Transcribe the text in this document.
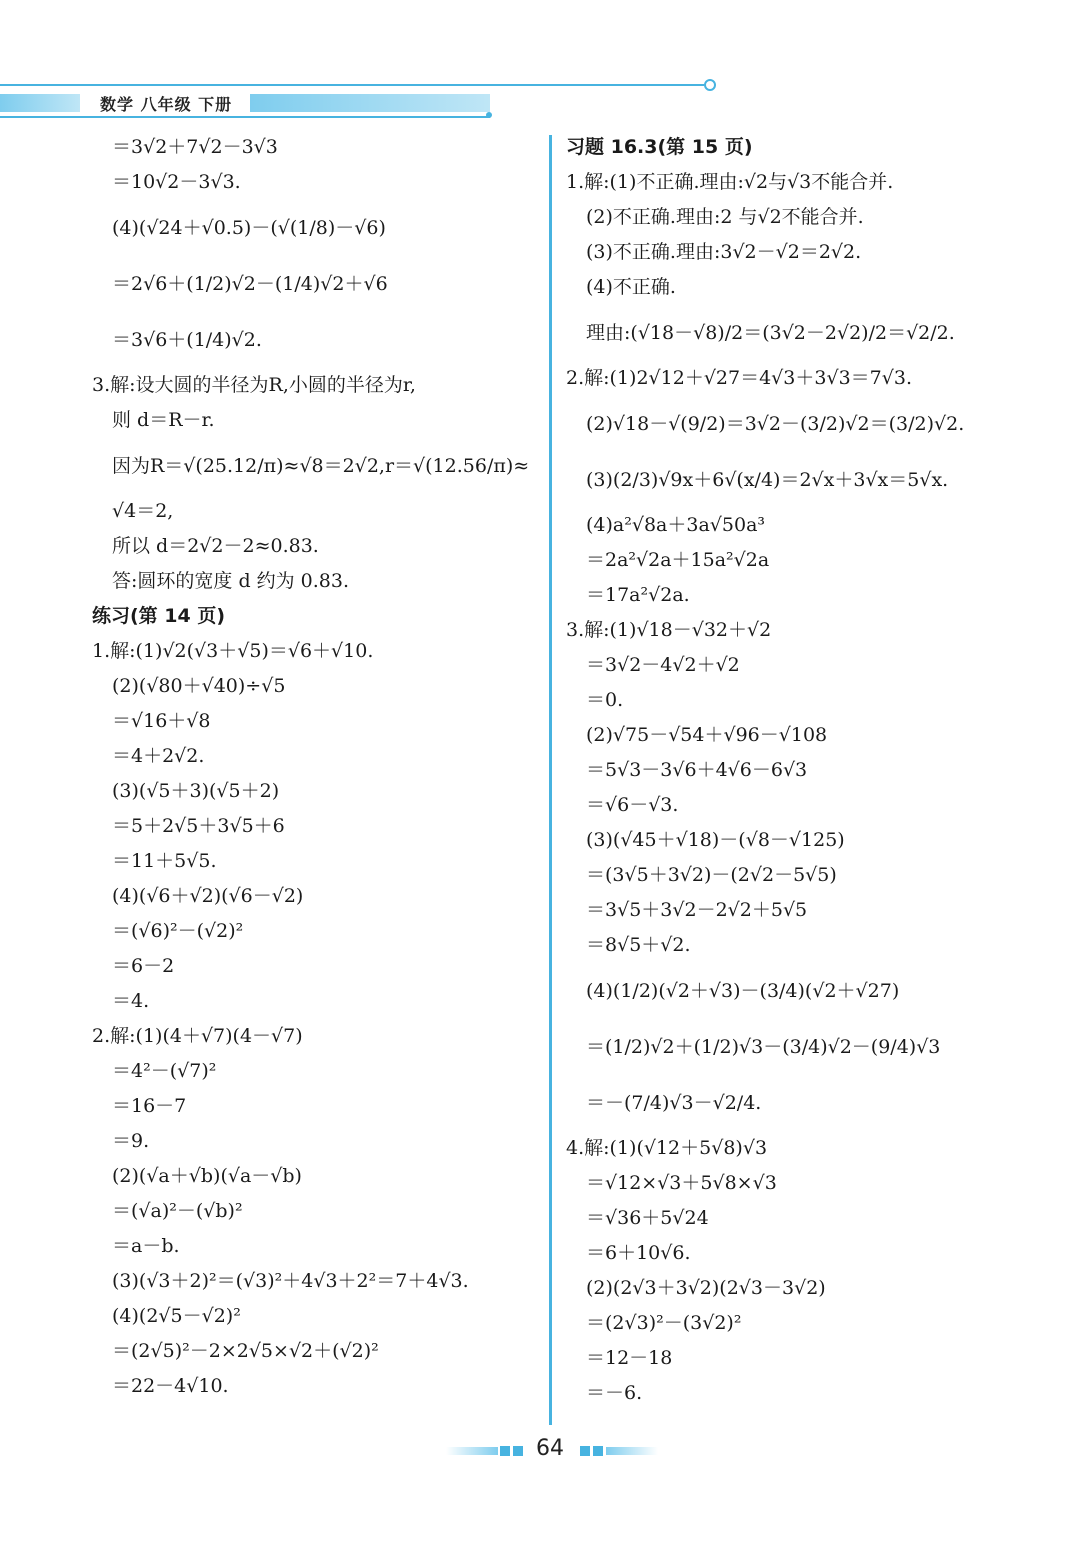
数学 八年级 下册

＝3√2＋7√2－3√3

＝10√2－3√3.

(4)(√24＋√0.5)－(√(1/8)－√6)

＝2√6＋(1/2)√2－(1/4)√2＋√6

＝3√6＋(1/4)√2.

3.解:设大圆的半径为R,小圆的半径为r,

则 d＝R－r.

因为R＝√(25.12/π)≈√8＝2√2,r＝√(12.56/π)≈

√4＝2,

所以 d＝2√2－2≈0.83.

答:圆环的宽度 d 约为 0.83.

练习(第 14 页)

1.解:(1)√2(√3＋√5)＝√6＋√10.

(2)(√80＋√40)÷√5

＝√16＋√8

＝4＋2√2.

(3)(√5＋3)(√5＋2)

＝5＋2√5＋3√5＋6

＝11＋5√5.

(4)(√6＋√2)(√6－√2)

＝(√6)²－(√2)²

＝6－2

＝4.

2.解:(1)(4＋√7)(4－√7)

＝4²－(√7)²

＝16－7

＝9.

(2)(√a＋√b)(√a－√b)

＝(√a)²－(√b)²

＝a－b.

(3)(√3＋2)²＝(√3)²＋4√3＋2²＝7＋4√3.

(4)(2√5－√2)²

＝(2√5)²－2×2√5×√2＋(√2)²

＝22－4√10.

习题 16.3(第 15 页)

1.解:(1)不正确.理由:√2与√3不能合并.

(2)不正确.理由:2 与√2不能合并.

(3)不正确.理由:3√2－√2＝2√2.

(4)不正确.

理由:(√18－√8)/2＝(3√2－2√2)/2＝√2/2.

2.解:(1)2√12＋√27＝4√3＋3√3＝7√3.

(2)√18－√(9/2)＝3√2－(3/2)√2＝(3/2)√2.

(3)(2/3)√9x＋6√(x/4)＝2√x＋3√x＝5√x.

(4)a²√8a＋3a√50a³

＝2a²√2a＋15a²√2a

＝17a²√2a.

3.解:(1)√18－√32＋√2

＝3√2－4√2＋√2

＝0.

(2)√75－√54＋√96－√108

＝5√3－3√6＋4√6－6√3

＝√6－√3.

(3)(√45＋√18)－(√8－√125)

＝(3√5＋3√2)－(2√2－5√5)

＝3√5＋3√2－2√2＋5√5

＝8√5＋√2.

(4)(1/2)(√2＋√3)－(3/4)(√2＋√27)

＝(1/2)√2＋(1/2)√3－(3/4)√2－(9/4)√3

＝－(7/4)√3－√2/4.

4.解:(1)(√12＋5√8)√3

＝√12×√3＋5√8×√3

＝√36＋5√24

＝6＋10√6.

(2)(2√3＋3√2)(2√3－3√2)

＝(2√3)²－(3√2)²

＝12－18

＝－6.

64
